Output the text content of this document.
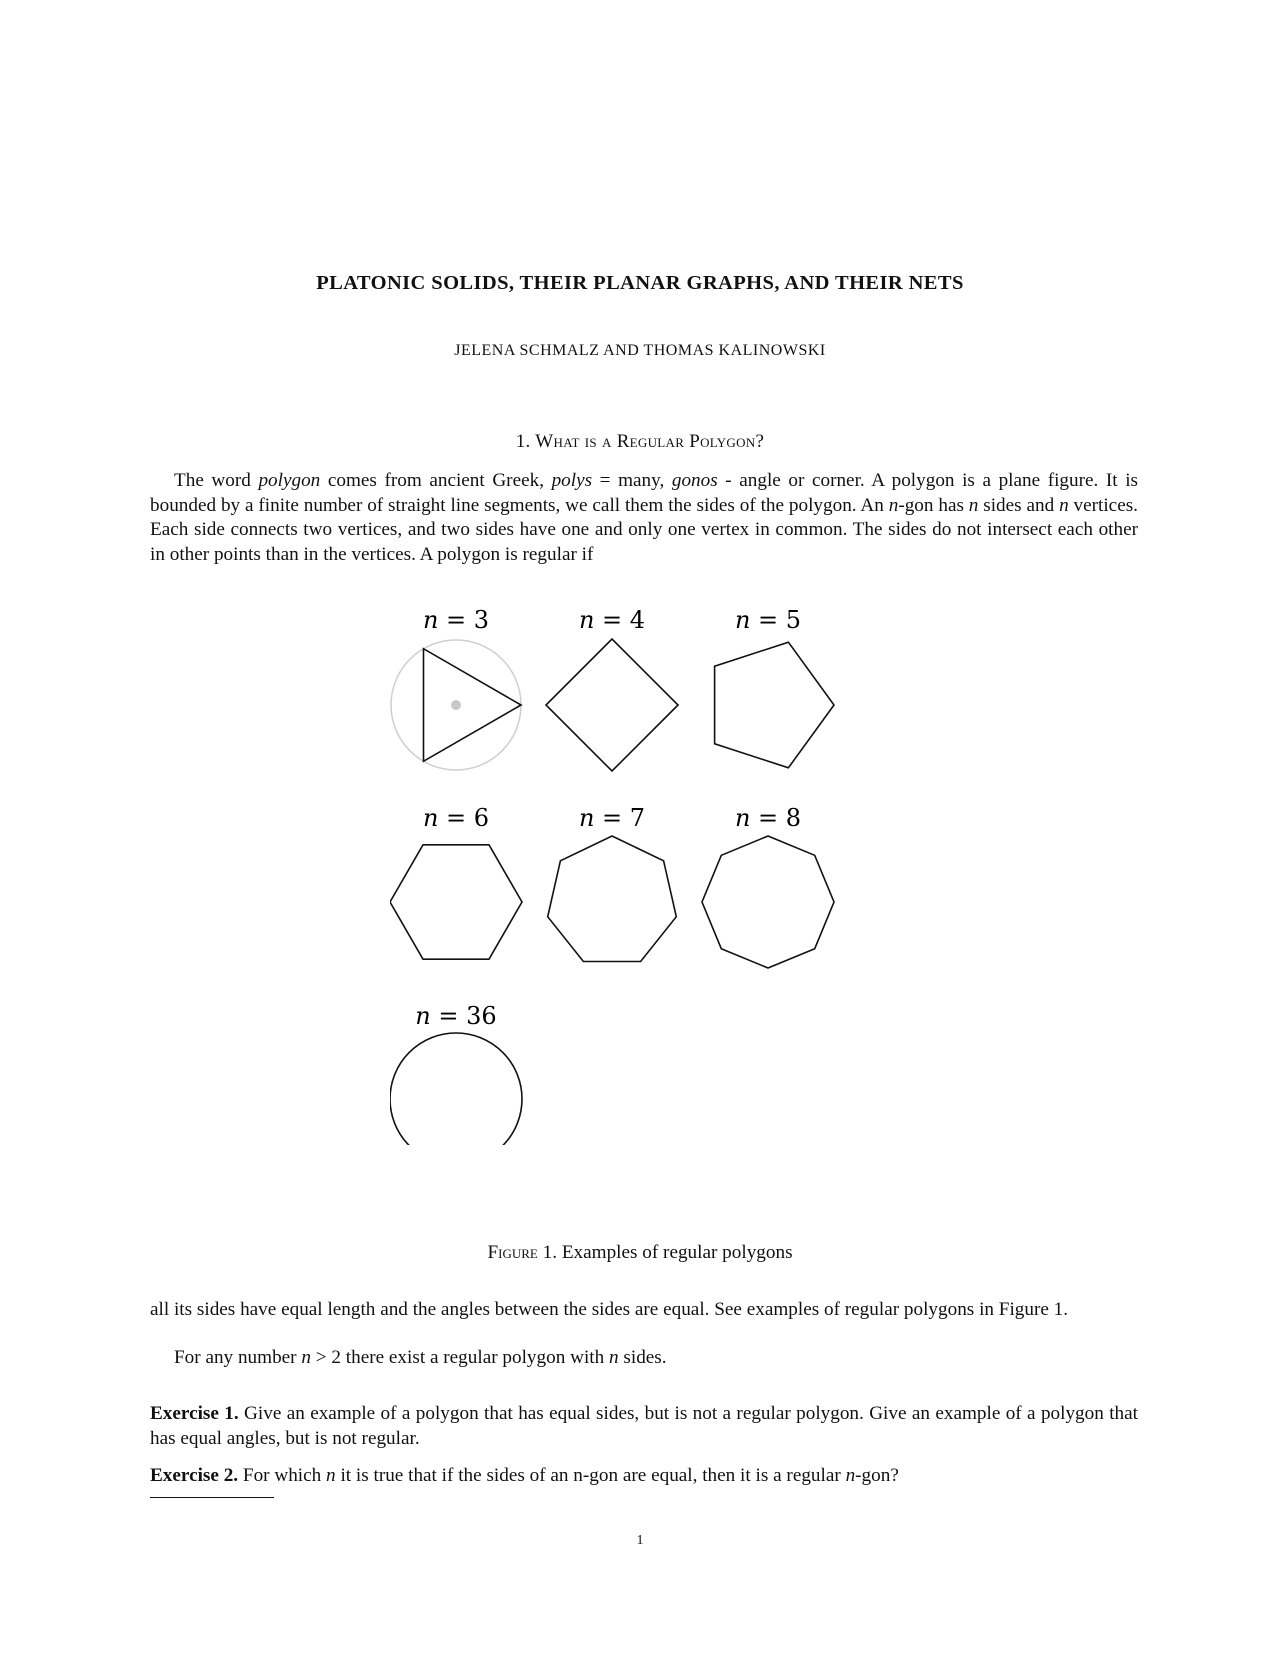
PLATONIC SOLIDS, THEIR PLANAR GRAPHS, AND THEIR NETS
JELENA SCHMALZ AND THOMAS KALINOWSKI
1. What is a Regular Polygon?
The word polygon comes from ancient Greek, polys = many, gonos - angle or corner. A polygon is a plane figure. It is bounded by a finite number of straight line segments, we call them the sides of the polygon. An n-gon has n sides and n vertices. Each side connects two vertices, and two sides have one and only one vertex in common. The sides do not intersect each other in other points than in the vertices. A polygon is regular if
n = 3	n = 4	n = 5
n = 6	n = 7	n = 8
n = 36
Figure 1. Examples of regular polygons
all its sides have equal length and the angles between the sides are equal. See examples of regular polygons in Figure 1.
For any number n > 2 there exist a regular polygon with n sides.
Exercise 1. Give an example of a polygon that has equal sides, but is not a regular polygon. Give an example of a polygon that has equal angles, but is not regular.
Exercise 2. For which n it is true that if the sides of an n-gon are equal, then it is a regular n-gon?
1
